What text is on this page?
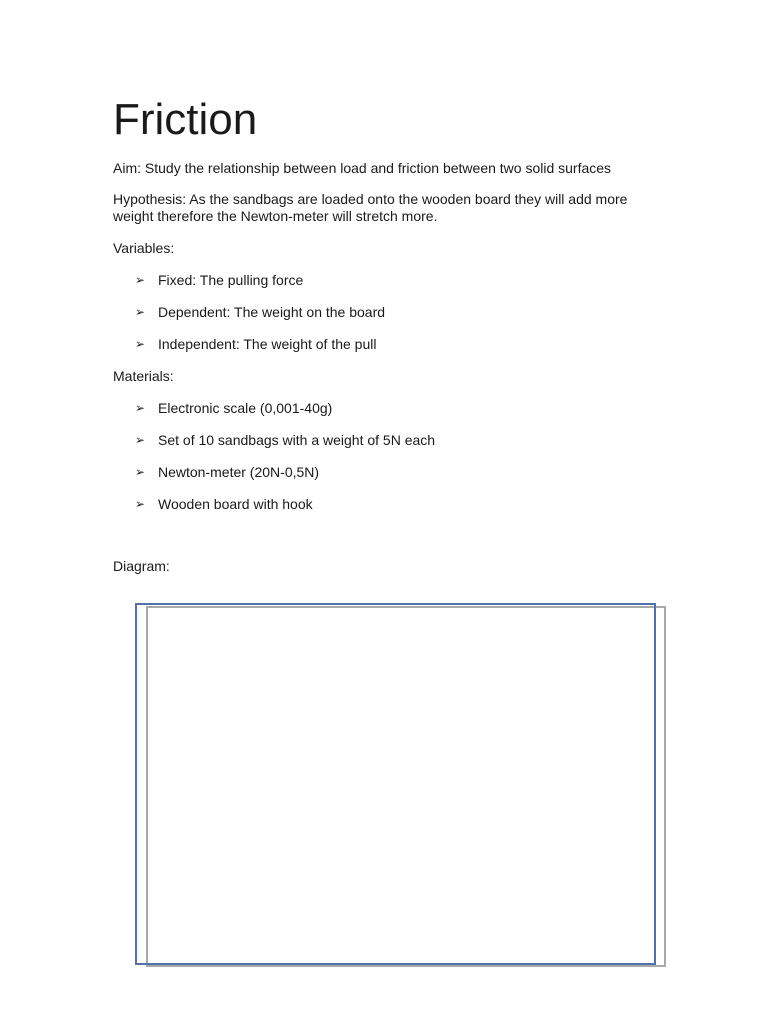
Friction

Aim: Study the relationship between load and friction between two solid surfaces

Hypothesis: As the sandbags are loaded onto the wooden board they will add more weight therefore the Newton-meter will stretch more.

Variables:

➢ Fixed: The pulling force
➢ Dependent: The weight on the board
➢ Independent: The weight of the pull

Materials:

➢ Electronic scale (0,001-40g)
➢ Set of 10 sandbags with a weight of 5N each
➢ Newton-meter (20N-0,5N)
➢ Wooden board with hook

Diagram:
